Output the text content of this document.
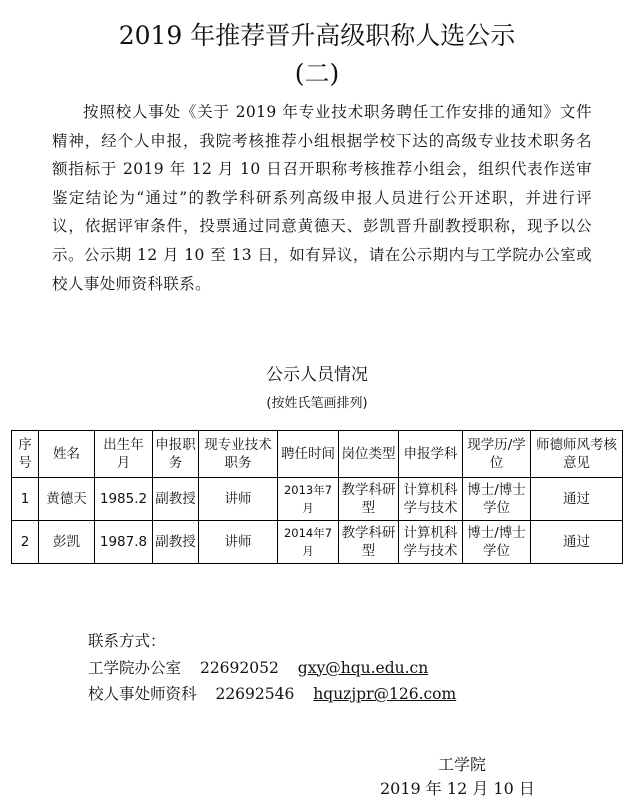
2019 年推荐晋升高级职称人选公示
(二)

按照校人事处《关于 2019 年专业技术职务聘任工作安排的通知》文件精神，经个人申报，我院考核推荐小组根据学校下达的高级专业技术职务名额指标于 2019 年 12 月 10 日召开职称考核推荐小组会，组织代表作送审鉴定结论为“通过”的教学科研系列高级申报人员进行公开述职，并进行评议，依据评审条件，投票通过同意黄德天、彭凯晋升副教授职称，现予以公示。公示期 12 月 10 至 13 日，如有异议，请在公示期内与工学院办公室或校人事处师资科联系。

公示人员情况
(按姓氏笔画排列)
序号	姓名	出生年月	申报职务	现专业技术职务	聘任时间	岗位类型	申报学科	现学历/学位	师德师风考核意见
1	黄德天	1985.2	副教授	讲师	2013年7月	教学科研型	计算机科学与技术	博士/博士学位	通过
2	彭凯	1987.8	副教授	讲师	2014年7月	教学科研型	计算机科学与技术	博士/博士学位	通过
联系方式：
工学院办公室 22692052 gxy@hqu.edu.cn
校人事处师资科 22692546 hquzjpr@126.com
工学院
2019 年 12 月 10 日
